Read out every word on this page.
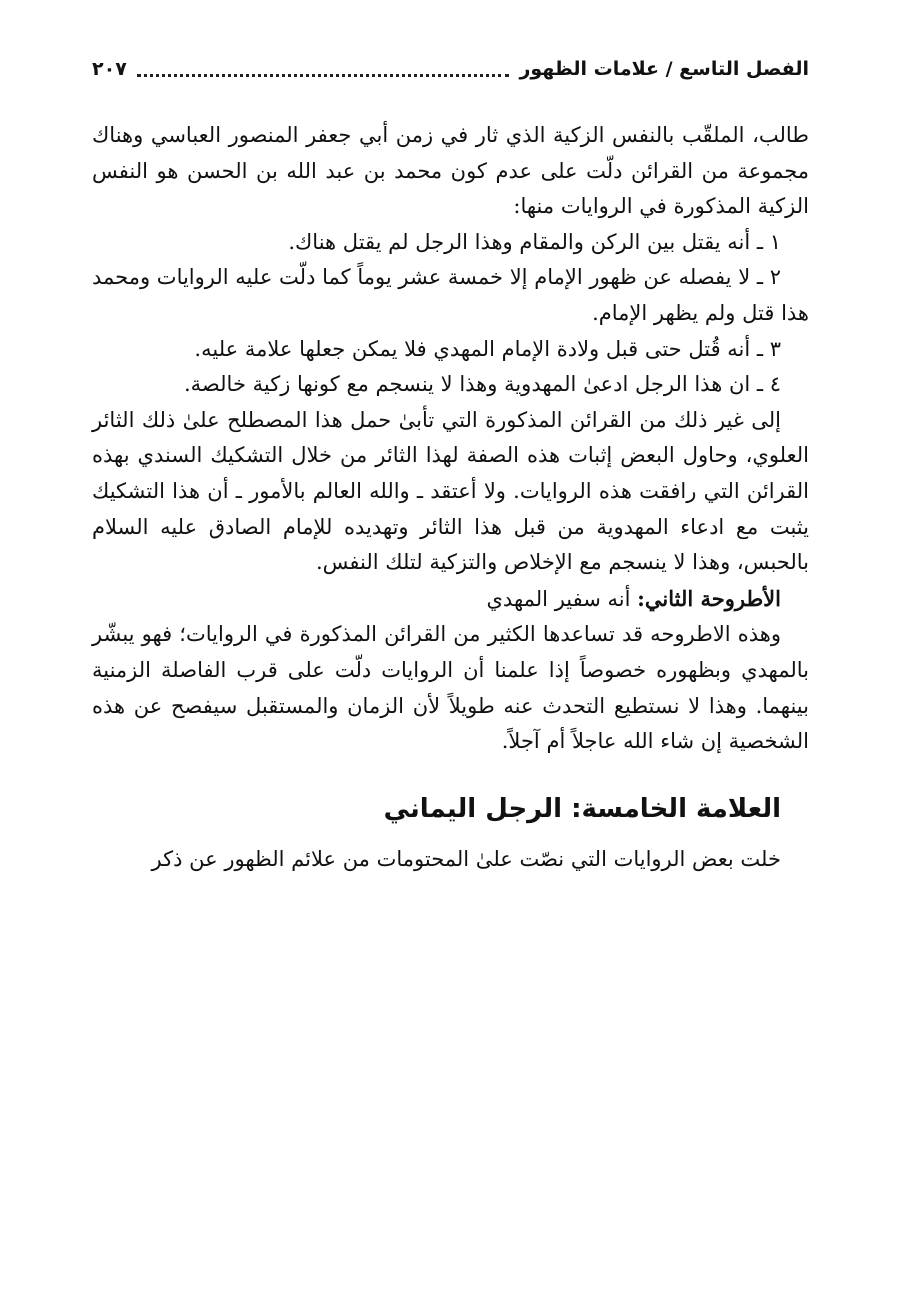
الفصل التاسع / علامات الظهور
٢٠٧

طالب، الملقّب بالنفس الزكية الذي ثار في زمن أبي جعفر المنصور العباسي وهناك مجموعة من القرائن دلّت على عدم كون محمد بن عبد الله بن الحسن هو النفس الزكية المذكورة في الروايات منها:

١ ـ أنه يقتل بين الركن والمقام وهذا الرجل لم يقتل هناك.

٢ ـ لا يفصله عن ظهور الإمام إلا خمسة عشر يوماً كما دلّت عليه الروايات ومحمد هذا قتل ولم يظهر الإمام.

٣ ـ أنه قُتل حتى قبل ولادة الإمام المهدي فلا يمكن جعلها علامة عليه.

٤ ـ ان هذا الرجل ادعىٰ المهدوية وهذا لا ينسجم مع كونها زكية خالصة.

إلى غير ذلك من القرائن المذكورة التي تأبىٰ حمل هذا المصطلح علىٰ ذلك الثائر العلوي، وحاول البعض إثبات هذه الصفة لهذا الثائر من خلال التشكيك السندي بهذه القرائن التي رافقت هذه الروايات. ولا أعتقد ـ والله العالم بالأمور ـ أن هذا التشكيك يثبت مع ادعاء المهدوية من قبل هذا الثائر وتهديده للإمام الصادق عليه السلام بالحبس، وهذا لا ينسجم مع الإخلاص والتزكية لتلك النفس.

الأطروحة الثاني: أنه سفير المهدي

وهذه الاطروحه قد تساعدها الكثير من القرائن المذكورة في الروايات؛ فهو يبشّر بالمهدي وبظهوره خصوصاً إذا علمنا أن الروايات دلّت على قرب الفاصلة الزمنية بينهما. وهذا لا نستطيع التحدث عنه طويلاً لأن الزمان والمستقبل سيفصح عن هذه الشخصية إن شاء الله عاجلاً أم آجلاً.

العلامة الخامسة: الرجل اليماني

خلت بعض الروايات التي نصّت علىٰ المحتومات من علائم الظهور عن ذكر
